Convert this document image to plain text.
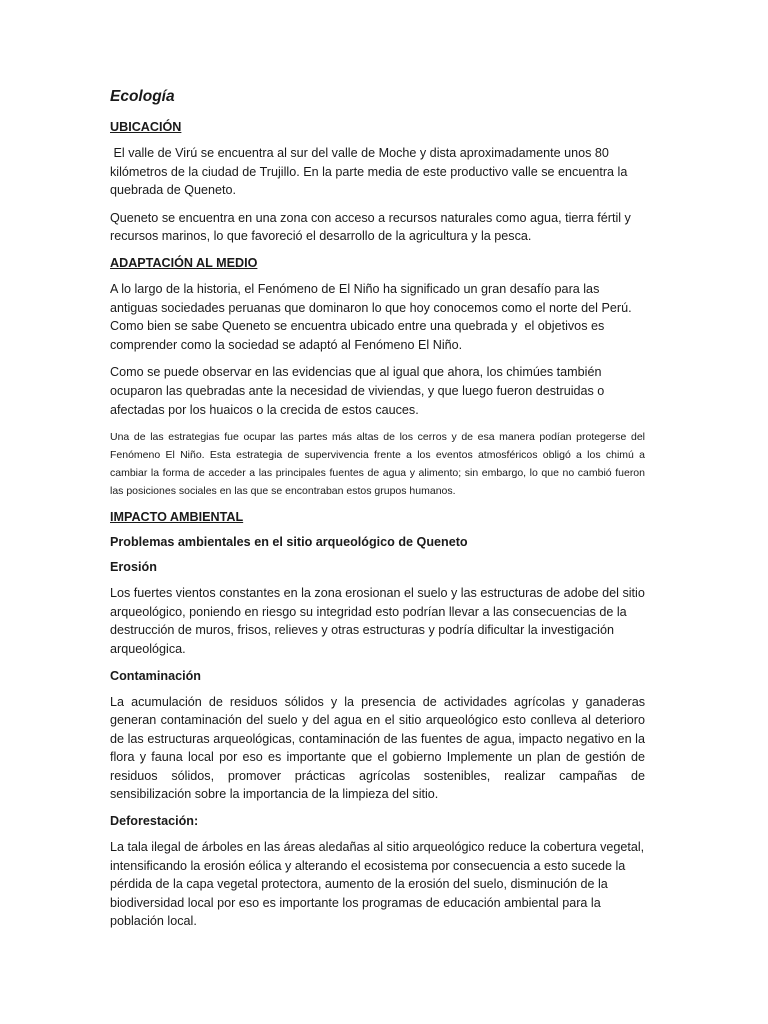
Ecología
UBICACIÓN

El valle de Virú se encuentra al sur del valle de Moche y dista aproximadamente unos 80 kilómetros de la ciudad de Trujillo. En la parte media de este productivo valle se encuentra la quebrada de Queneto.

Queneto se encuentra en una zona con acceso a recursos naturales como agua, tierra fértil y recursos marinos, lo que favoreció el desarrollo de la agricultura y la pesca.

ADAPTACIÓN AL MEDIO

A lo largo de la historia, el Fenómeno de El Niño ha significado un gran desafío para las antiguas sociedades peruanas que dominaron lo que hoy conocemos como el norte del Perú. Como bien se sabe Queneto se encuentra ubicado entre una quebrada y  el objetivos es comprender como la sociedad se adaptó al Fenómeno El Niño.

Como se puede observar en las evidencias que al igual que ahora, los chimúes también ocuparon las quebradas ante la necesidad de viviendas, y que luego fueron destruidas o afectadas por los huaicos o la crecida de estos cauces.

Una de las estrategias fue ocupar las partes más altas de los cerros y de esa manera podían protegerse del Fenómeno El Niño. Esta estrategia de supervivencia frente a los eventos atmosféricos obligó a los chimú a cambiar la forma de acceder a las principales fuentes de agua y alimento; sin embargo, lo que no cambió fueron las posiciones sociales en las que se encontraban estos grupos humanos.

IMPACTO AMBIENTAL
Problemas ambientales en el sitio arqueológico de Queneto
Erosión

Los fuertes vientos constantes en la zona erosionan el suelo y las estructuras de adobe del sitio arqueológico, poniendo en riesgo su integridad esto podrían llevar a las consecuencias de la destrucción de muros, frisos, relieves y otras estructuras y podría dificultar la investigación arqueológica.

Contaminación

La acumulación de residuos sólidos y la presencia de actividades agrícolas y ganaderas generan contaminación del suelo y del agua en el sitio arqueológico esto conlleva al deterioro de las estructuras arqueológicas, contaminación de las fuentes de agua, impacto negativo en la flora y fauna local por eso es importante que el gobierno Implemente un plan de gestión de residuos sólidos, promover prácticas agrícolas sostenibles, realizar campañas de sensibilización sobre la importancia de la limpieza del sitio.

Deforestación:

La tala ilegal de árboles en las áreas aledañas al sitio arqueológico reduce la cobertura vegetal, intensificando la erosión eólica y alterando el ecosistema por consecuencia a esto sucede la pérdida de la capa vegetal protectora, aumento de la erosión del suelo, disminución de la biodiversidad local por eso es importante los programas de educación ambiental para la población local.
